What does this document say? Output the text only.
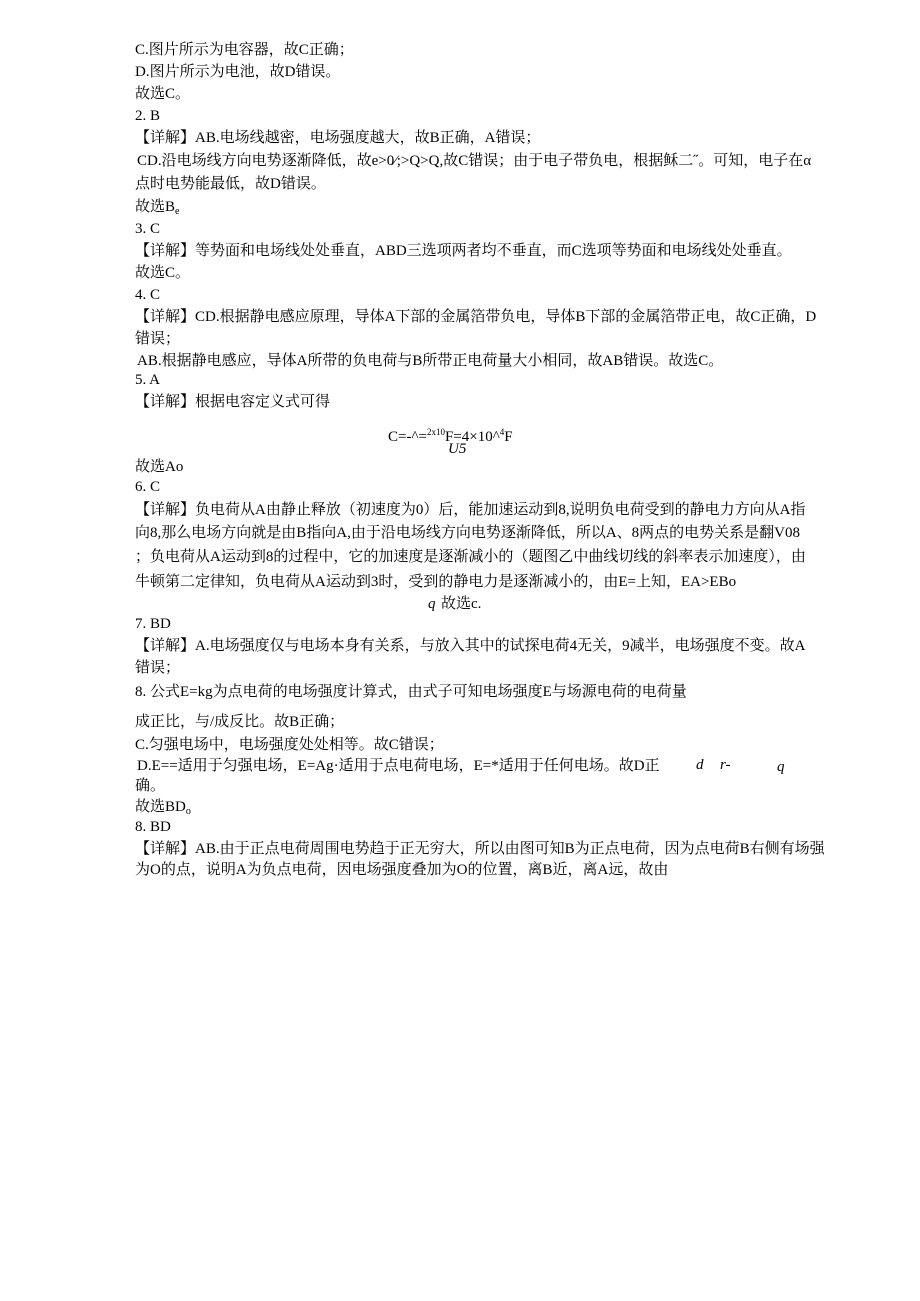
C.图片所示为电容器，故C正确；
D.图片所示为电池，故D错误。
故选C。
2. B
【详解】AB.电场线越密，电场强度越大，故B正确，A错误；
CD.沿电场线方向电势逐渐降低，故e>0⁄;>Q>Q,故C错误；由于电子带负电，根据稣二˝。可知，电子在α
点时电势能最低，故D错误。
故选$B_e$
3. C
【详解】等势面和电场线处处垂直，ABD三选项两者均不垂直，而C选项等势面和电场线处处垂直。
故选C。
4. C
【详解】CD.根据静电感应原理，导体A下部的金属箔带负电，导体B下部的金属箔带正电，故C正确，D
错误；
AB.根据静电感应，导体A所带的负电荷与B所带正电荷量大小相同，故AB错误。故选C。
5. A
【详解】根据电容定义式可得
C=-^=$^{2x10}$F=4×10^$^4$F
U5
故选Ao
6. C
【详解】负电荷从A由静止释放（初速度为0）后，能加速运动到8,说明负电荷受到的静电力方向从A指
向8,那么电场方向就是由B指向A,由于沿电场线方向电势逐渐降低，所以A、8两点的电势关系是翻V08
；负电荷从A运动到8的过程中，它的加速度是逐渐减小的（题图乙中曲线切线的斜率表示加速度），由
牛顿第二定律知，负电荷从A运动到3时，受到的静电力是逐渐减小的，由E=上知，EA>EBo
q 故选c.
7. BD
【详解】A.电场强度仅与电场本身有关系，与放入其中的试探电荷4无关，9减半，电场强度不变。故A
错误；
8. 公式E=kg为点电荷的电场强度计算式，由式子可知电场强度E与场源电荷的电荷量
成正比，与/成反比。故B正确；
C.匀强电场中，电场强度处处相等。故C错误；
D.E==适用于匀强电场，E=Ag·适用于点电荷电场，E=*适用于任何电场。故D正 d r-	q
确。
故选$BD_o$
8. BD
【详解】AB.由于正点电荷周围电势趋于正无穷大，所以由图可知B为正点电荷，因为点电荷B右侧有场强
为O的点，说明A为负点电荷，因电场强度叠加为O的位置，离B近，离A远，故由
